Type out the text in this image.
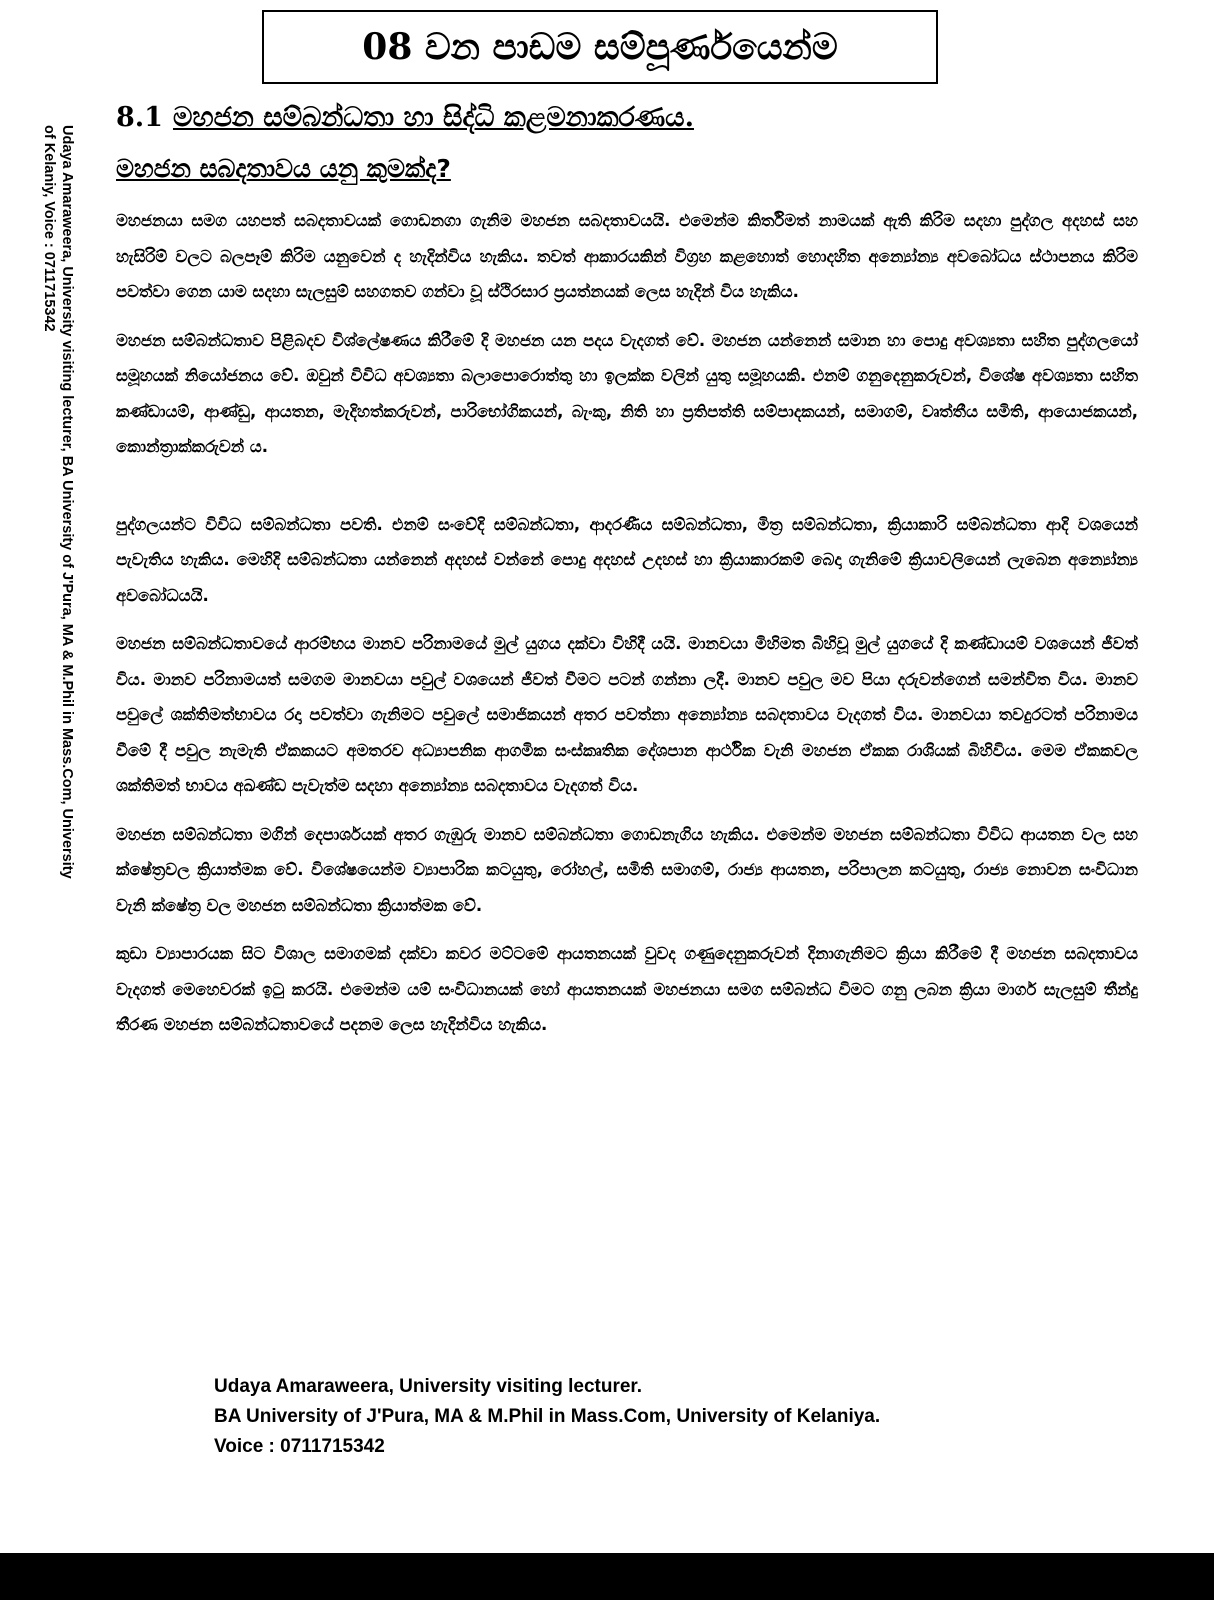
08 වන පාඩම සම්පූර්ණයෙන්ම
Udaya Amaraweera, University visiting lecturer, BA University of J'Pura, MA & M.Phil in Mass.Com, University
of Kelaniy, Voice : 0711715342
8.1 මහජන සම්බන්ධතා හා සිද්ධි කළමනාකරණය.
මහජන සබදතාවය යනු කුමක්ද?

මහජනයා සමග යහපත් සබදතාවයක් ගොඩනගා ගැනිම මහජන සබදතාවයයි. එමෙන්ම කිර්තිමත් නාමයක් ඇති කිරිම සදහා පුද්ගල අදහස් සහ හැසිරිම් වලට බලපෑම් කිරිම යනුවෙන් ද හැදින්විය හැකිය. තවත් ආකාරයකින් විග්‍රහ කළහොත් හොදහිත අන්‍යෝන්‍ය අවබෝධය ස්ථාපනය කිරිම පවත්වා ගෙන යාම සදහා සැලසුම් සහගතව ගන්වා වූ ස්ථිරසාර ප්‍රයත්නයක් ලෙස හැදින් විය හැකිය.

මහජන සම්බන්ධතාව පිළිබදව විශ්ලේෂණය කිරීමේ දි මහජන යන පදය වැදගත් වේ. මහජන යන්නෙන් සමාන හා පොදු අවශ්‍යතා සහිත පුද්ගලයෝ සමූහයක් නියෝජනය වේ. ඔවුන් විවිධ අවශ්‍යතා බලාපොරොත්තු හා ඉලක්ක වලින් යුතු සමූහයකි. එනම් ගනුදෙනුකරුවන්, විශේෂ අවශ්‍යතා සහිත කණ්ඩායම්, ආණ්ඩු, ආයතන, මැදිහත්කරුවන්, පාරිභෝගිකයන්, බැංකු, නිති හා ප්‍රතිපත්ති සම්පාදකයන්, සමාගම්, වෘත්තීය සමිති, ආයොජකයන්, කොන්ත්‍රාක්කරුවන් ය.

පුද්ගලයන්ට විවිධ සම්බන්ධතා පවති. එනම් සංවේදි සම්බන්ධතා, ආදරණීය සම්බන්ධතා, මිත්‍ර සම්බන්ධතා, ක්‍රියාකාරි සම්බන්ධතා ආදි වශයෙන් පැවැතිය හැකිය. මෙහිදි සම්බන්ධතා යන්නෙන් අදහස් වන්නේ පොදු අදහස් උදහස් හා ක්‍රියාකාරකම් බෙදා ගැනිමේ ක්‍රියාවලියෙන් ලැබෙන අන්‍යෝන්‍ය අවබෝධයයි.

මහජන සම්බන්ධතාවයේ ආරම්භය මානව පරිනාමයේ මුල් යුගය දක්වා විහිදී යයි. මානවයා මිහිමත බිහිවූ මුල් යුගයේ දි කණ්ඩායම් වශයෙන් ජීවත් විය. මානව පරිනාමයත් සමගම මානවයා පවුල් වශයෙන් ජීවත් වීමට පටන් ගන්නා ලදී. මානව පවුල මව පියා දරුවන්ගෙන් සමන්විත විය. මානව පවුලේ ශක්තිමත්භාවය රදා පවත්වා ගැනිමට පවුලේ සමාජිකයන් අතර පවත්නා අන්‍යෝන්‍ය සබදතාවය වැදගත් විය. මානවයා තවදුරටත් පරිනාමය වීමේ දී පවුල නැමැති ඒකකයට අමතරව අධ්‍යාපනික ආගමික සංස්කෘතික දේශපාන ආර්ථික වැනි මහජන ඒකක රාශියක් බිහිවිය. මෙම ඒකකවල ශක්තිමත් භාවය අඛණ්ඩ පැවැත්ම සදහා අන්‍යෝන්‍ය සබදතාවය වැදගත් විය.

මහජන සම්බන්ධතා මගින් දෙපාර්ශයක් අතර ගැඹුරු මානව සම්බන්ධතා ගොඩනැගිය හැකිය. එමෙන්ම මහජන සම්බන්ධතා විවිධ ආයතන වල සහ ක්ෂේත්‍රවල ක්‍රියාත්මක වේ. විශේෂයෙන්ම ව්‍යාපාරික කටයුතු, රෝහල්, සමිති සමාගම්, රාජ්‍ය ආයතන, පරිපාලන කටයුතු, රාජ්‍ය නොවන සංවිධාන වැනි ක්ෂේත්‍ර වල මහජන සම්බන්ධතා ක්‍රියාත්මක වේ.

කුඩා ව්‍යාපාරයක සිට විශාල සමාගමක් දක්වා කවර මට්ටමේ ආයතනයක් වුවද ගණුදෙනුකරුවන් දිනාගැනිමට ක්‍රියා කිරීමේ දී මහජන සබදතාවය වැදගත් මෙහෙවරක් ඉටු කරයි. එමෙන්ම යම් සංවිධානයක් හෝ ආයතනයක් මහජනයා සමග සම්බන්ධ විමට ගනු ලබන ක්‍රියා මාර්ග සැලසුම් තීන්දු තීරණ මහජන සම්බන්ධතාවයේ පදනම ලෙස හැදින්විය හැකිය.

Udaya Amaraweera, University visiting lecturer.
BA University of J'Pura, MA & M.Phil in Mass.Com, University of Kelaniya.
Voice : 0711715342
